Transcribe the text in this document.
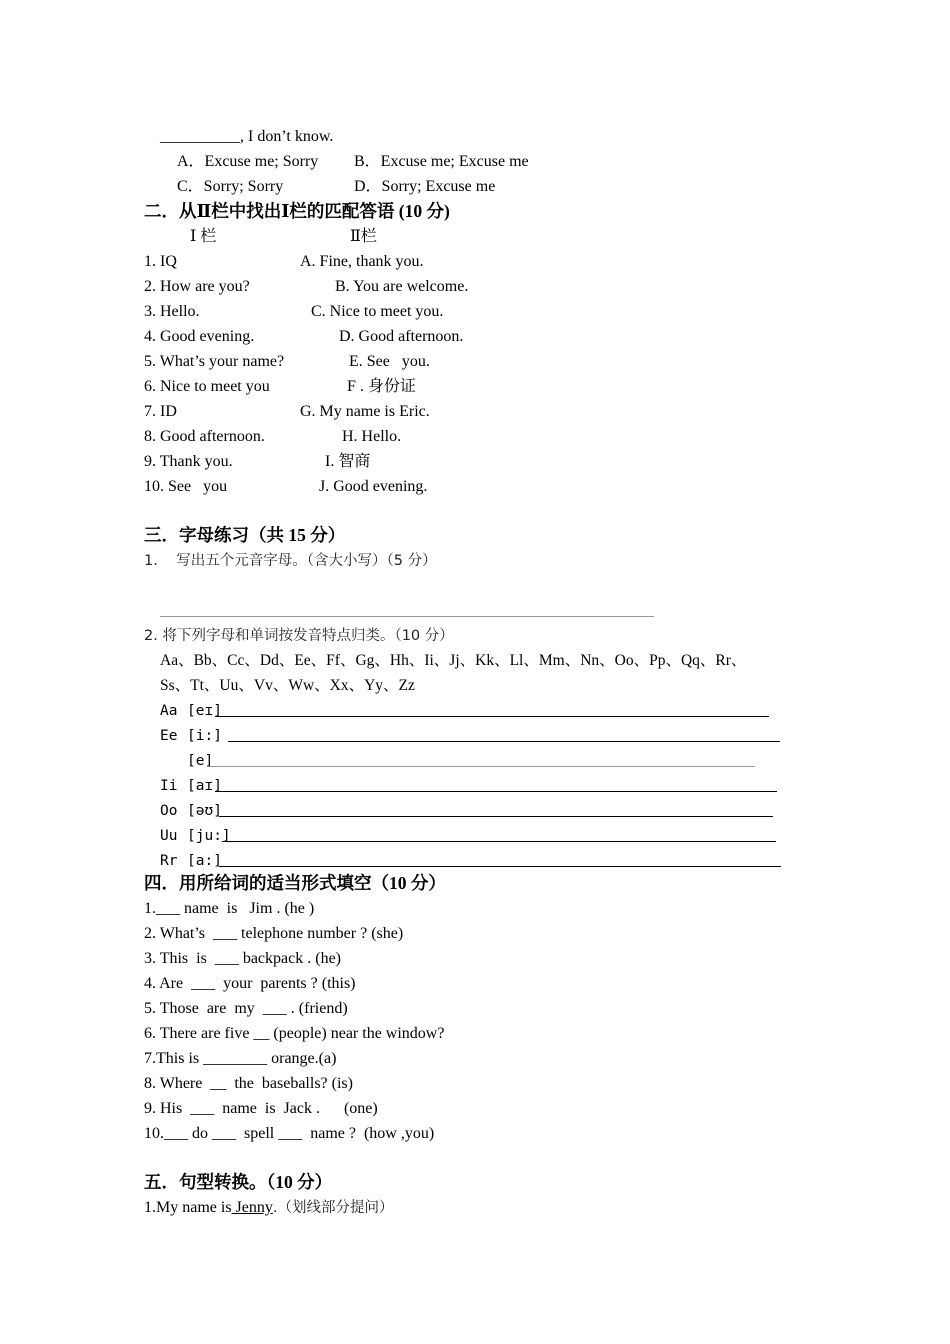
__________, I don’t know.
A．Excuse me; Sorry B．Excuse me; Excuse me
C．Sorry; Sorry	D．Sorry; Excuse me
二．从Ⅱ栏中找出Ⅰ栏的匹配答语 (10 分)
Ⅰ 栏	Ⅱ栏
1. IQ
2. How are you?
3. Hello.
4. Good evening.
5. What’s your name?
6. Nice to meet you
7. ID
8. Good afternoon.
9. Thank you.
10. See   you
A. Fine, thank you.
B. You are welcome.
C. Nice to meet you.
D. Good afternoon.
E. See   you.
F . 身份证
G. My name is Eric.
H. Hello.
I. 智商
J. Good evening.
三．字母练习（共 15 分）
1.    写出五个元音字母。（含大小写）（5 分）
2. 将下列字母和单词按发音特点归类。（10 分）
Aa、Bb、Cc、Dd、Ee、Ff、Gg、Hh、Ii、Jj、Kk、Ll、Mm、Nn、Oo、Pp、Qq、Rr、
Ss、Tt、Uu、Vv、Ww、Xx、Yy、Zz
Aa [eɪ]
Ee [i:]
[e]
Ii [aɪ]
Oo [əʊ]
Uu [ju:]
Rr [a:]
四．用所给词的适当形式填空（10 分）
1.___ name  is   Jim . (he )
2. What’s  ___ telephone number ? (she)
3. This  is  ___ backpack . (he)
4. Are  ___  your  parents ? (this)
5. Those  are  my  ___ . (friend)
6. There are five __ (people) near the window?
7.This is ________ orange.(a)
8. Where  __  the  baseballs? (is)
9. His  ___  name  is  Jack .      (one)
10.___ do ___  spell ___  name ?  (how ,you)
五．句型转换。（10 分）
1.My name is Jenny.（划线部分提问）
